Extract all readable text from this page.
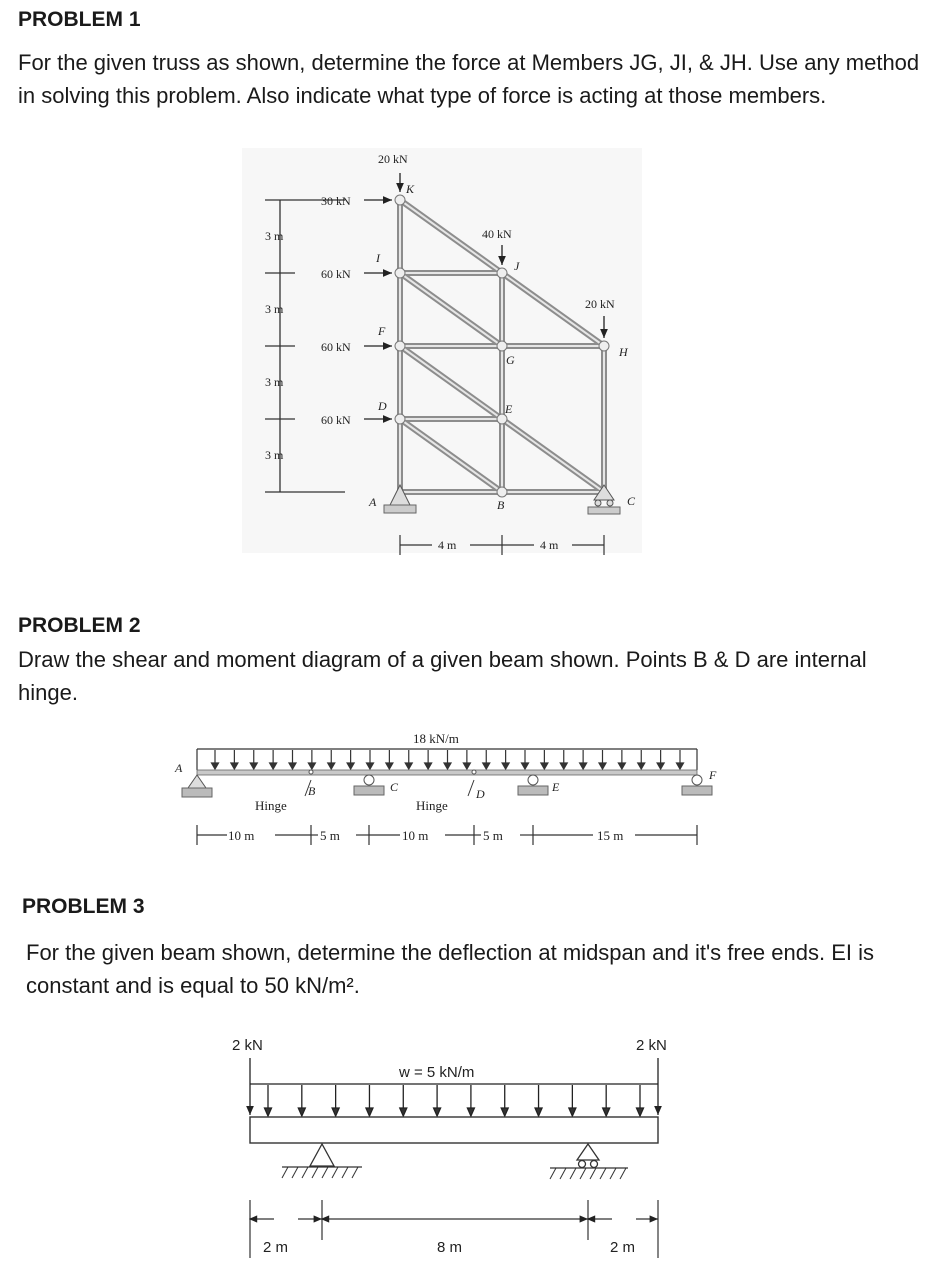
PROBLEM 1
For the given truss as shown, determine the force at Members JG, JI, & JH. Use any method in solving this problem. Also indicate what type of force is acting at those members.
20 kN
30 kN
60 kN
60 kN
60 kN
40 kN
20 kN
3 m
3 m
3 m
3 m
4 m	4 m
K
I
F
D
A
J
G
E
B
H
C
18 kN/m
Hinge	Hinge
10 m	5 m	10 m	5 m	15 m
A
B	C	D	E
F
2 kN	2 kN
w = 5 kN/m
2 m	8 m	2 m
PROBLEM 2
Draw the shear and moment diagram of a given beam shown. Points B & D are internal hinge.
PROBLEM 3
For the given beam shown, determine the deflection at midspan and it's free ends. EI is constant and is equal to 50 kN/m².
